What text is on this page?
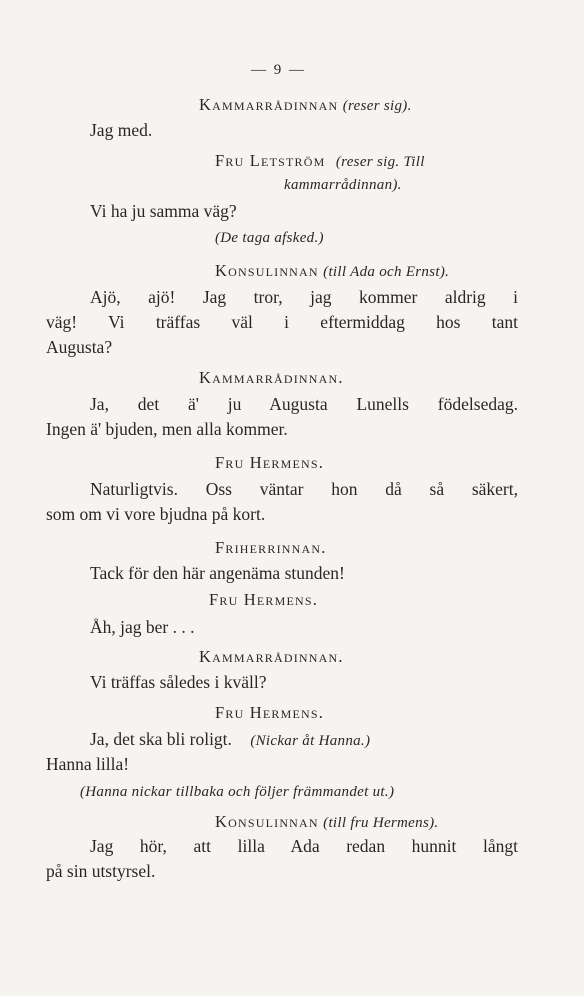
— 9 —
Kammarrådinnan (reser sig).
Jag med.
Fru Letström (reser sig. Till
kammarrådinnan).
Vi ha ju samma väg?
(De taga afsked.)
Konsulinnan (till Ada och Ernst).
Ajö, ajö! Jag tror, jag kommer aldrig i
väg! Vi träffas väl i eftermiddag hos tant
Augusta?
Kammarrådinnan.
Ja, det ä' ju Augusta Lunells födelsedag.
Ingen ä' bjuden, men alla kommer.
Fru Hermens.
Naturligtvis. Oss väntar hon då så säkert,
som om vi vore bjudna på kort.
Friherrinnan.
Tack för den här angenäma stunden!
Fru Hermens.
Åh, jag ber . . .
Kammarrådinnan.
Vi träffas således i kväll?
Fru Hermens.
Ja, det ska bli roligt. (Nickar åt Hanna.)
Hanna lilla!
(Hanna nickar tillbaka och följer främmandet ut.)
Konsulinnan (till fru Hermens).
Jag hör, att lilla Ada redan hunnit långt
på sin utstyrsel.
